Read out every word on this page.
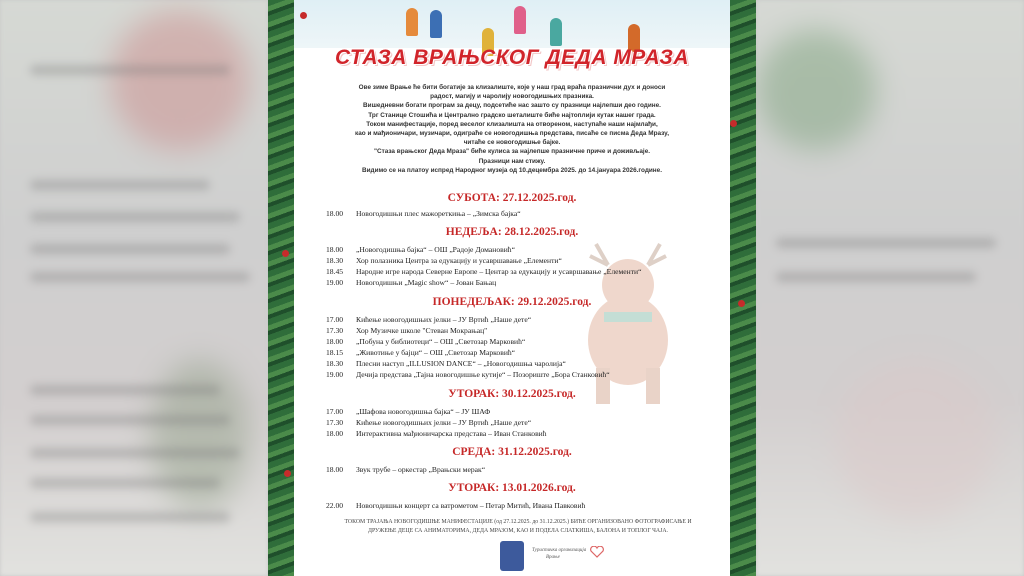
СТАЗА ВРАЊСКОГ ДЕДА МРАЗА
Ове зиме Врање ће бити богатије за клизалиште, које у наш град враћа празнични дух и доноси
радост, магију и чаролију новогодишњих празника.
Вишедневни богати програм за децу, подсетиће нас зашто су празници најлепши део године.
Трг Станице Стошића и Централно градско шеталиште биће најтоплији кутак нашег града.
Током манифестације, поред веселог клизалишта на отвореном, наступаће наши најмлађи,
као и мађионичари, музичари, одиграће се новогодишња представа, писаће се писма Деда Мразу,
читаће се новогодишње бајке.
"Стаза врањског Деда Мраза" биће кулиса за најлепше празничне приче и доживљаје.
Празници нам стижу.
Видимо се на платоу испред Народног музеја од 10.децембра 2025. до 14.јануара 2026.године.
СУБОТА: 27.12.2025.год.
18.00 Новогодишњи плес мажореткиња – „Зимска бајка“
НЕДЕЉА: 28.12.2025.год.
18.00 „Новогодишња бајка“ – ОШ „Радоје Домановић“
18.30 Хор полазника Центра за едукацију и усавршавање „Елементи“
18.45 Народне игре народа Северне Европе – Центар за едукацију и усавршавање „Елементи“
19.00 Новогодишњи „Magic show“ – Јован Бањац
ПОНЕДЕЉАК: 29.12.2025.год.
17.00 Кићење новогодишњих јелки – ЈУ Вртић „Наше дете“
17.30 Хор Музичке школе "Стеван Мокрањац"
18.00 „Побуна у библиотеци“ – ОШ „Светозар Марковић“
18.15 „Животиње у бајци“ – ОШ „Светозар Марковић“
18.30 Плесни наступ „ILLUSION DANCE“ – „Новогодишња чаролија“
19.00 Дечија представа „Тајна новогодишње кутије“ – Позориште „Бора Станковић“
УТОРАК: 30.12.2025.год.
17.00 „Шафова новогодишња бајка“ – ЈУ ШАФ
17.30 Кићење новогодишњих јелки – ЈУ Вртић „Наше дете“
18.00 Интерактивна мађионичарска представа – Иван Станковић
СРЕДА: 31.12.2025.год.
18.00 Звук трубе – оркестар „Врањски мерак“
УТОРАК: 13.01.2026.год.
22.00 Новогодишњи концерт са ватрометом – Петар Митић, Ивана Павковић
ТОКОМ ТРАЈАЊА НОВОГОДИШЊЕ МАНИФЕСТАЦИЈЕ (од 27.12.2025. до 31.12.2025.) БИЋЕ ОРГАНИЗОВАНО ФОТОГРАФИСАЊЕ И
ДРУЖЕЊЕ ДЕЦЕ СА АНИМАТОРИМА, ДЕДА МРАЗОМ, КАО И ПОДЕЛА СЛАТКИША, БАЛОНА И ТОПЛОГ ЧАЈА.
Туристичка организација
Врање
